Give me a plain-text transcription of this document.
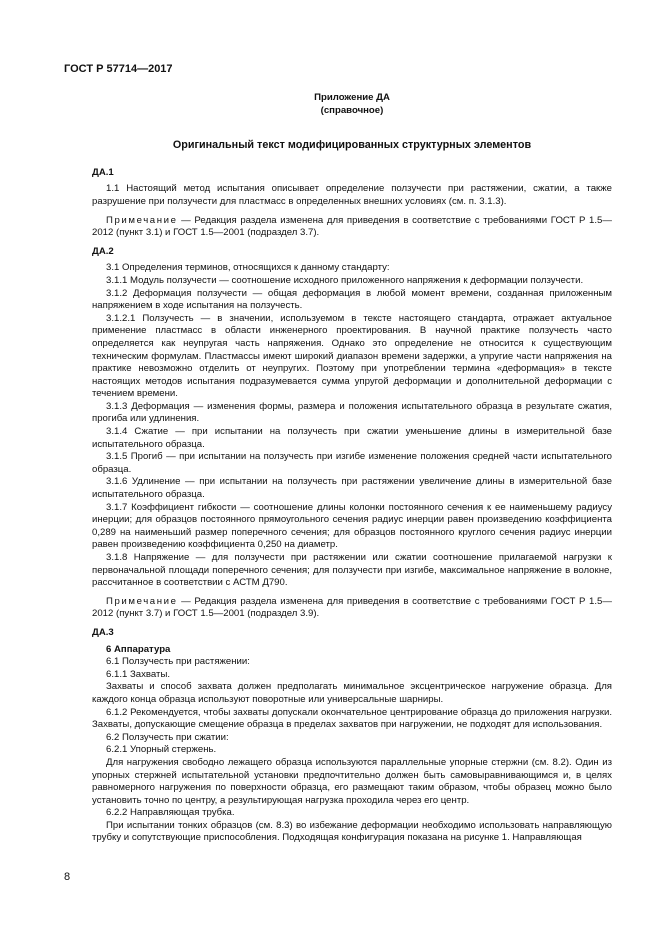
ГОСТ Р 57714—2017
Приложение ДА
(справочное)
Оригинальный текст модифицированных структурных элементов
ДА.1

1.1 Настоящий метод испытания описывает определение ползучести при растяжении, сжатии, а также разрушение при ползучести для пластмасс в определенных внешних условиях (см. п. 3.1.3).

Примечание — Редакция раздела изменена для приведения в соответствие с требованиями ГОСТ Р 1.5—2012 (пункт 3.1) и ГОСТ 1.5—2001 (подраздел 3.7).

ДА.2

3.1 Определения терминов, относящихся к данному стандарту:

3.1.1 Модуль ползучести — соотношение исходного приложенного напряжения к деформации ползучести.

3.1.2 Деформация ползучести — общая деформация в любой момент времени, созданная приложенным напряжением в ходе испытания на ползучесть.

3.1.2.1 Ползучесть — в значении, используемом в тексте настоящего стандарта, отражает актуальное применение пластмасс в области инженерного проектирования. В научной практике ползучесть часто определяется как неупругая часть напряжения. Однако это определение не относится к существующим техническим формулам. Пластмассы имеют широкий диапазон времени задержки, а упругие части напряжения на практике невозможно отделить от неупругих. Поэтому при употреблении термина «деформация» в тексте настоящих методов испытания подразумевается сумма упругой деформации и дополнительной деформации с течением времени.

3.1.3 Деформация — изменения формы, размера и положения испытательного образца в результате сжатия, прогиба или удлинения.

3.1.4 Сжатие — при испытании на ползучесть при сжатии уменьшение длины в измерительной базе испытательного образца.

3.1.5 Прогиб — при испытании на ползучесть при изгибе изменение положения средней части испытательного образца.

3.1.6 Удлинение — при испытании на ползучесть при растяжении увеличение длины в измерительной базе испытательного образца.

3.1.7 Коэффициент гибкости — соотношение длины колонки постоянного сечения к ее наименьшему радиусу инерции; для образцов постоянного прямоугольного сечения радиус инерции равен произведению коэффициента 0,289 на наименьший размер поперечного сечения; для образцов постоянного круглого сечения радиус инерции равен произведению коэффициента 0,250 на диаметр.

3.1.8 Напряжение — для ползучести при растяжении или сжатии соотношение прилагаемой нагрузки к первоначальной площади поперечного сечения; для ползучести при изгибе, максимальное напряжение в волокне, рассчитанное в соответствии с АСТМ Д790.

Примечание — Редакция раздела изменена для приведения в соответствие с требованиями ГОСТ Р 1.5—2012 (пункт 3.7) и ГОСТ 1.5—2001 (подраздел 3.9).

ДА.3

6 Аппаратура

6.1 Ползучесть при растяжении:

6.1.1 Захваты.

Захваты и способ захвата должен предполагать минимальное эксцентрическое нагружение образца. Для каждого конца образца используют поворотные или универсальные шарниры.

6.1.2 Рекомендуется, чтобы захваты допускали окончательное центрирование образца до приложения нагрузки. Захваты, допускающие смещение образца в пределах захватов при нагружении, не подходят для использования.

6.2 Ползучесть при сжатии:

6.2.1 Упорный стержень.

Для нагружения свободно лежащего образца используются параллельные упорные стержни (см. 8.2). Один из упорных стержней испытательной установки предпочтительно должен быть самовыравнивающимся и, в целях равномерного нагружения по поверхности образца, его размещают таким образом, чтобы образец можно было установить точно по центру, а результирующая нагрузка проходила через его центр.

6.2.2 Направляющая трубка.

При испытании тонких образцов (см. 8.3) во избежание деформации необходимо использовать направляющую трубку и сопутствующие приспособления. Подходящая конфигурация показана на рисунке 1. Направляющая

8
